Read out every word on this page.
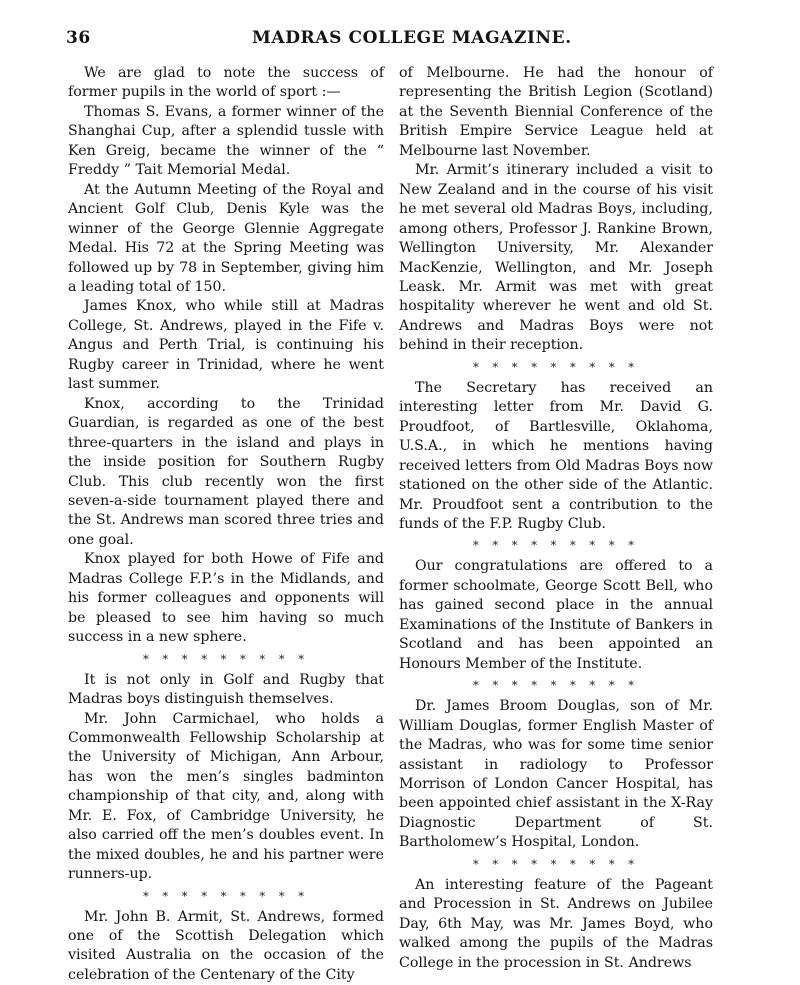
36	MADRAS COLLEGE MAGAZINE.

We are glad to note the success of former pupils in the world of sport :—

Thomas S. Evans, a former winner of the Shanghai Cup, after a splendid tussle with Ken Greig, became the winner of the “ Freddy ” Tait Memorial Medal.

At the Autumn Meeting of the Royal and Ancient Golf Club, Denis Kyle was the winner of the George Glennie Aggregate Medal. His 72 at the Spring Meeting was followed up by 78 in September, giving him a leading total of 150.

James Knox, who while still at Madras College, St. Andrews, played in the Fife v. Angus and Perth Trial, is continuing his Rugby career in Trinidad, where he went last summer.

Knox, according to the Trinidad Guardian, is regarded as one of the best three-quarters in the island and plays in the inside position for Southern Rugby Club. This club recently won the first seven-a-side tournament played there and the St. Andrews man scored three tries and one goal.

Knox played for both Howe of Fife and Madras College F.P.’s in the Midlands, and his former colleagues and opponents will be pleased to see him having so much success in a new sphere.

* * * * * * * * *

It is not only in Golf and Rugby that Madras boys distinguish themselves.

Mr. John Carmichael, who holds a Commonwealth Fellowship Scholarship at the University of Michigan, Ann Arbour, has won the men’s singles badminton championship of that city, and, along with Mr. E. Fox, of Cambridge University, he also carried off the men’s doubles event. In the mixed doubles, he and his partner were runners-up.

* * * * * * * * *

Mr. John B. Armit, St. Andrews, formed one of the Scottish Delegation which visited Australia on the occasion of the celebration of the Centenary of the City

of Melbourne. He had the honour of representing the British Legion (Scotland) at the Seventh Biennial Conference of the British Empire Service League held at Melbourne last November.

Mr. Armit’s itinerary included a visit to New Zealand and in the course of his visit he met several old Madras Boys, including, among others, Professor J. Rankine Brown, Wellington University, Mr. Alexander MacKenzie, Wellington, and Mr. Joseph Leask. Mr. Armit was met with great hospitality wherever he went and old St. Andrews and Madras Boys were not behind in their reception.

* * * * * * * * *

The Secretary has received an interesting letter from Mr. David G. Proudfoot, of Bartlesville, Oklahoma, U.S.A., in which he mentions having received letters from Old Madras Boys now stationed on the other side of the Atlantic. Mr. Proudfoot sent a contribution to the funds of the F.P. Rugby Club.

* * * * * * * * *

Our congratulations are offered to a former schoolmate, George Scott Bell, who has gained second place in the annual Examinations of the Institute of Bankers in Scotland and has been appointed an Honours Member of the Institute.

* * * * * * * * *

Dr. James Broom Douglas, son of Mr. William Douglas, former English Master of the Madras, who was for some time senior assistant in radiology to Professor Morrison of London Cancer Hospital, has been appointed chief assistant in the X-Ray Diagnostic Department of St. Bartholomew’s Hospital, London.

* * * * * * * * *

An interesting feature of the Pageant and Procession in St. Andrews on Jubilee Day, 6th May, was Mr. James Boyd, who walked among the pupils of the Madras College in the procession in St. Andrews
